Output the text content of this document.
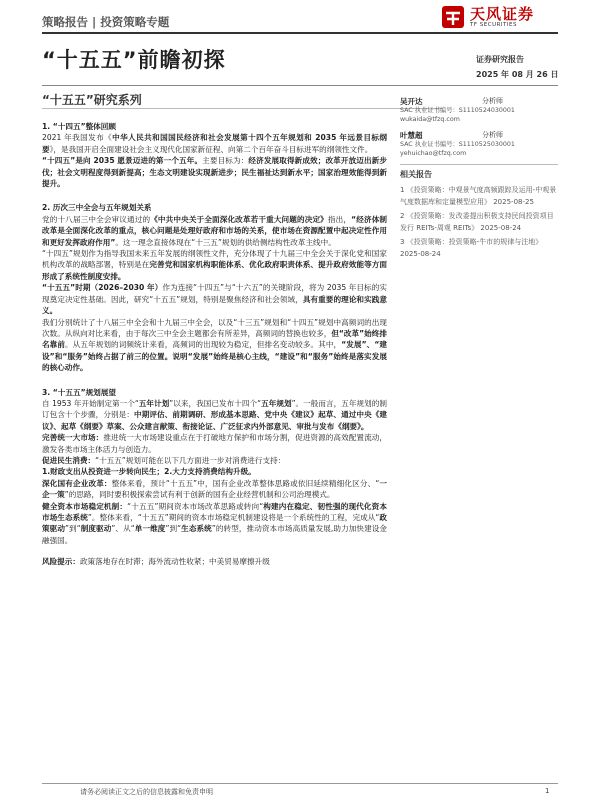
策略报告 | 投资策略专题	天风证券
TF SECURITIES
“十五五”前瞻初探	证券研究报告
2025 年 08 月 26 日
“十五五”研究系列

1. “十四五”整体回顾

2021 年我国发布《中华人民共和国国民经济和社会发展第十四个五年规划和 2035 年远景目标纲要》，是我国开启全面建设社会主义现代化国家新征程、向第二个百年奋斗目标进军的纲领性文件。

“十四五”是向 2035 愿景迈进的第一个五年。主要目标为：经济发展取得新成效；改革开放迈出新步伐；社会文明程度得到新提高；生态文明建设实现新进步；民生福祉达到新水平；国家治理效能得到新提升。

2. 历次三中全会与五年规划关系

党的十八届三中全会审议通过的《中共中央关于全面深化改革若干重大问题的决定》指出，“经济体制改革是全面深化改革的重点，核心问题是处理好政府和市场的关系，使市场在资源配置中起决定性作用和更好发挥政府作用”。这一理念直接体现在“十三五”规划的供给侧结构性改革主线中。

“十四五”规划作为指导我国未来五年发展的纲领性文件，充分体现了十九届三中全会关于深化党和国家机构改革的战略部署，特别是在完善党和国家机构职能体系、优化政府职责体系、提升政府效能等方面形成了系统性制度安排。

“十五五”时期（2026–2030 年）作为连接“十四五”与“十六五”的关键阶段，将为 2035 年目标的实现奠定决定性基础。因此，研究“十五五”规划，特别是聚焦经济和社会领域，具有重要的理论和实践意义。

我们分别统计了十八届三中全会和十九届三中全会，以及“十三五”规划和“十四五”规划中高频词的出现次数。从纵向对比来看，由于每次三中全会主题都会有所差异，高频词的替换也较多，但“改革”始终排名靠前。从五年规划的词频统计来看，高频词的出现较为稳定，但排名变动较多。其中，“发展”、“建设”和“服务”始终占据了前三的位置。说明“发展”始终是核心主线，“建设”和“服务”始终是落实发展的核心动作。

3. “十五五”规划展望

自 1953 年开始制定第一个“五年计划”以来，我国已发布十四个“五年规划”。一般而言，五年规划的制订包含十个步骤，分别是：中期评估、前期调研、形成基本思路、党中央《建议》起草、通过中央《建议》、起草《纲要》草案、公众建言献策、衔接论证、广泛征求内外部意见、审批与发布《纲要》。

完善统一大市场：推进统一大市场建设重点在于打破地方保护和市场分割，促进资源的高效配置流动，激发各类市场主体活力与创造力。

促进民生消费：“十五五”规划可能在以下几方面进一步对消费进行支持：
1.财政支出从投资进一步转向民生；2.大力支持消费结构升级。

深化国有企业改革：整体来看，预计“十五五”中，国有企业改革整体思路或依旧延续精细化区分、“一企一策”的思路，同时要积极探索尝试有利于创新的国有企业经营机制和公司治理模式。

健全资本市场稳定机制：“十五五”期间资本市场改革思路或转向“构建内在稳定、韧性强的现代化资本市场生态系统”。整体来看，“十五五”期间的资本市场稳定机制建设将是一个系统性的工程，完成从“政策驱动”到“制度驱动”、从“单一维度”到“生态系统”的转型，推动资本市场高质量发展,助力加快建设金融强国。

风险提示：政策落地存在时滞；海外流动性收紧；中美贸易摩擦升级

吴开达	分析师
SAC 执业证书编号：S1110524030001
wukaida@tfzq.com
叶慧超	分析师
SAC 执业证书编号：S1110525030001
yehuichao@tfzq.com
相关报告
1 《投资策略：中观景气度高频跟踪及运用-中观景气度数据库和定量模型应用》 2025-08-25
2 《投资策略：发改委提出积极支持民间投资项目发行 REITs-周观 REITs》 2025-08-24
3 《投资策略：投资策略-牛市的规律与注地》 2025-08-24
请务必阅读正文之后的信息披露和免责申明	1
